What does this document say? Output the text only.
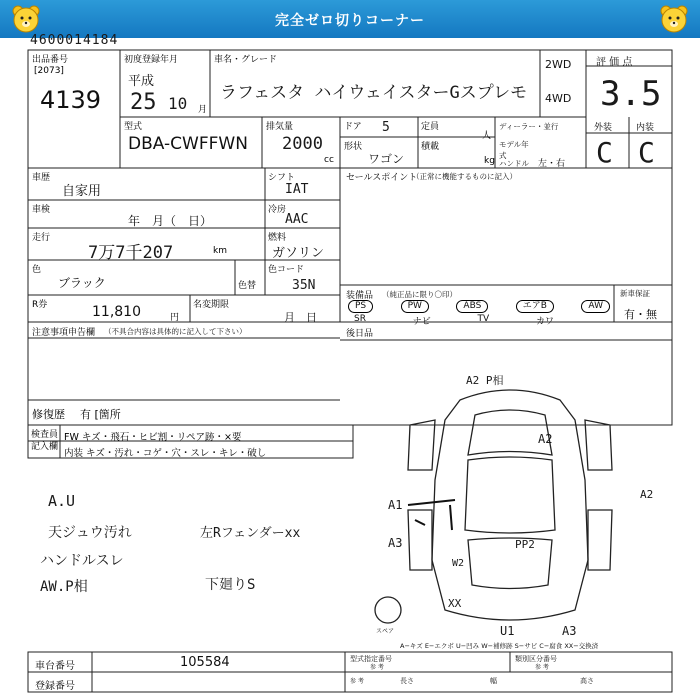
完全ゼロ切りコーナー
4600014184
出品番号
[2073]
4139
初度登録年月
平成
25 10 月
車名・グレード
ラフェスタ ハイウェイスターGスプレモ
2WD
4WD
評 価 点
3.5
型式
DBA-CWFFWN
排気量
2000
cc
ドア 5
形状
ワゴン
定員
人
積載
kg
ディーラー・並行
モデル年式
ハンドル 左・右
外装	内装
C C
車歴
自家用
車検
年　月（　日）
走行
7万7千207	km
色
ブラック	色替
R券	11,810	円
名変期限
月　日
注意事項申告欄 （不具合内容は具体的に記入して下さい）
修復歴 有 [箇所
シフト
IAT
冷房
AAC
燃料
ガソリン
色コード
35N
セールスポイント
（正常に機能するものに記入）
装備品 （純正品に限り〇印）
PS	PW	ABS	エアB	AW
SR	ナビ	TV	カワ
新車保証
有・無
後日品
検査員記入欄
FW キズ・飛石・ヒビ割・リペア跡・×要
内装 キズ・汚れ・コゲ・穴・スレ・キレ・破し
A.U
天ジュウ汚れ
ハンドルスレ
AW.P相
左Rフェンダーxx
下廻りS
A2 P相
A2
A2
A1
A3	PP2
W2
XX
U1	A3
スペア
A−キズ E−エクボ U−凹み W−補修跡 S−サビ C−腐食 XX−交換済
車台番号	105584
登録番号
型式指定番号
参 考
類別区分番号
参 考
参 考	長さ	幅	高さ
